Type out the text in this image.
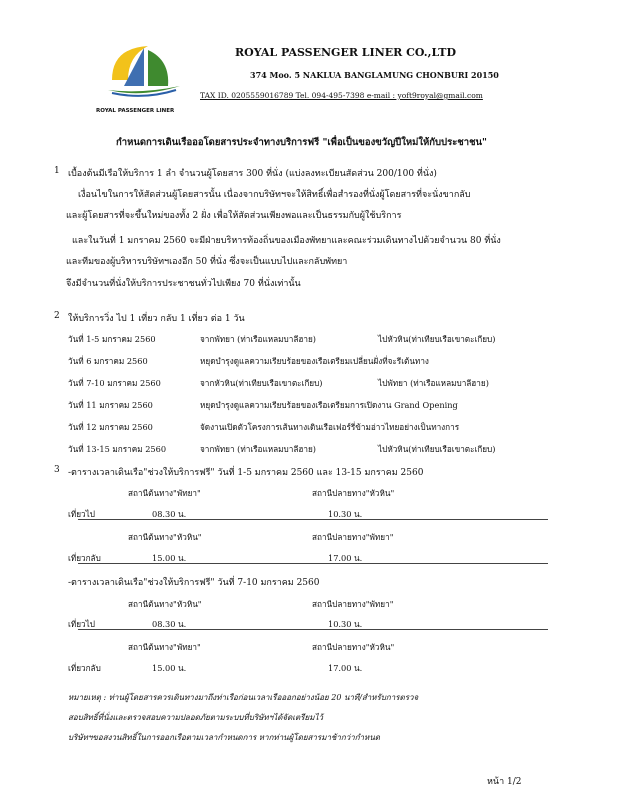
ROYAL PASSENGER LINER
ROYAL PASSENGER LINER CO.,LTD
374 Moo. 5 NAKLUA BANGLAMUNG CHONBURI 20150
TAX ID. 0205559016789 Tel. 094-495-7398 e-mail : yoft9royal@gmail.com
กำหนดการเดินเรือออโดยสารประจำทางบริการฟรี "เพื่อเป็นของขวัญปีใหม่ให้กับประชาชน"
1 เบื้องต้นมีเรือให้บริการ 1 ลำ จำนวนผู้โดยสาร 300 ที่นั่ง (แบ่งลงทะเบียนสัดส่วน 200/100 ที่นั่ง)
เงื่อนไขในการให้สัดส่วนผู้โดยสารนั้น เนื่องจากบริษัทฯจะให้สิทธิ์เพื่อสำรองที่นั่งผู้โดยสารที่จะนั่งขากลับ
และผู้โดยสารที่จะขึ้นใหม่ของทั้ง 2 ฝั่ง เพื่อให้สัดส่วนเพียงพอและเป็นธรรมกับผู้ใช้บริการ
และในวันที่ 1 มกราคม 2560 จะมีฝ่ายบริหารท้องถิ่นของเมืองพัทยาและคณะร่วมเดินทางไปด้วยจำนวน 80 ที่นั่ง
และทีมของผู้บริหารบริษัทฯเองอีก 50 ที่นั่ง ซึ่งจะเป็นแบบไปและกลับพัทยา
จึงมีจำนวนที่นั่งให้บริการประชาชนทั่วไปเพียง 70 ที่นั่งเท่านั้น
2 ให้บริการวิ่ง ไป 1 เที่ยว กลับ 1 เที่ยว ต่อ 1 วัน
วันที่ 1-5 มกราคม 2560	จากพัทยา (ท่าเรือแหลมบาลีฮาย)	ไปหัวหิน(ท่าเทียบเรือเขาตะเกียบ)
วันที่ 6 มกราคม 2560	หยุดบำรุงดูแลความเรียบร้อยของเรือเตรียมเปลี่ยนฝั่งที่จะรีเต้นทาง
วันที่ 7-10 มกราคม 2560	จากหัวหิน(ท่าเทียบเรือเขาตะเกียบ)	ไปพัทยา (ท่าเรือแหลมบาลีฮาย)
วันที่ 11 มกราคม 2560	หยุดบำรุงดูแลความเรียบร้อยของเรือเตรียมการเปิดงาน Grand Opening
วันที่ 12 มกราคม 2560	จัดงานเปิดตัวโครงการเส้นทางเดินเรือเฟอร์รี่ข้ามอ่าวไทยอย่างเป็นทางการ
วันที่ 13-15 มกราคม 2560	จากพัทยา (ท่าเรือแหลมบาลีฮาย)	ไปหัวหิน(ท่าเทียบเรือเขาตะเกียบ)
3 -ตารางเวลาเดินเรือ"ช่วงให้บริการฟรี" วันที่ 1-5 มกราคม 2560 และ 13-15 มกราคม 2560
สถานีต้นทาง"พัทยา"	สถานีปลายทาง"หัวหิน"
เที่ยวไป	08.30 น.	10.30 น.
สถานีต้นทาง"หัวหิน"	สถานีปลายทาง"พัทยา"
เที่ยวกลับ	15.00 น.	17.00 น.
-ตารางเวลาเดินเรือ"ช่วงให้บริการฟรี" วันที่ 7-10 มกราคม 2560
สถานีต้นทาง"หัวหิน"	สถานีปลายทาง"พัทยา"
เที่ยวไป	08.30 น.	10.30 น.
สถานีต้นทาง"พัทยา"	สถานีปลายทาง"หัวหิน"
เที่ยวกลับ	15.00 น.	17.00 น.
หมายเหตุ : ท่านผู้โดยสารควรเดินทางมาถึงท่าเรือก่อนเวลาเรือออกอย่างน้อย 20 นาที/สำหรับการตรวจ
สอบสิทธิ์ที่นั่งและตรวจสอบความปลอดภัยตามระบบที่บริษัทฯได้จัดเตรียมไว้
บริษัทฯขอสงวนสิทธิ์ในการออกเรือตามเวลากำหนดการ หากท่านผู้โดยสารมาช้ากว่ากำหนด
หน้า 1/2
